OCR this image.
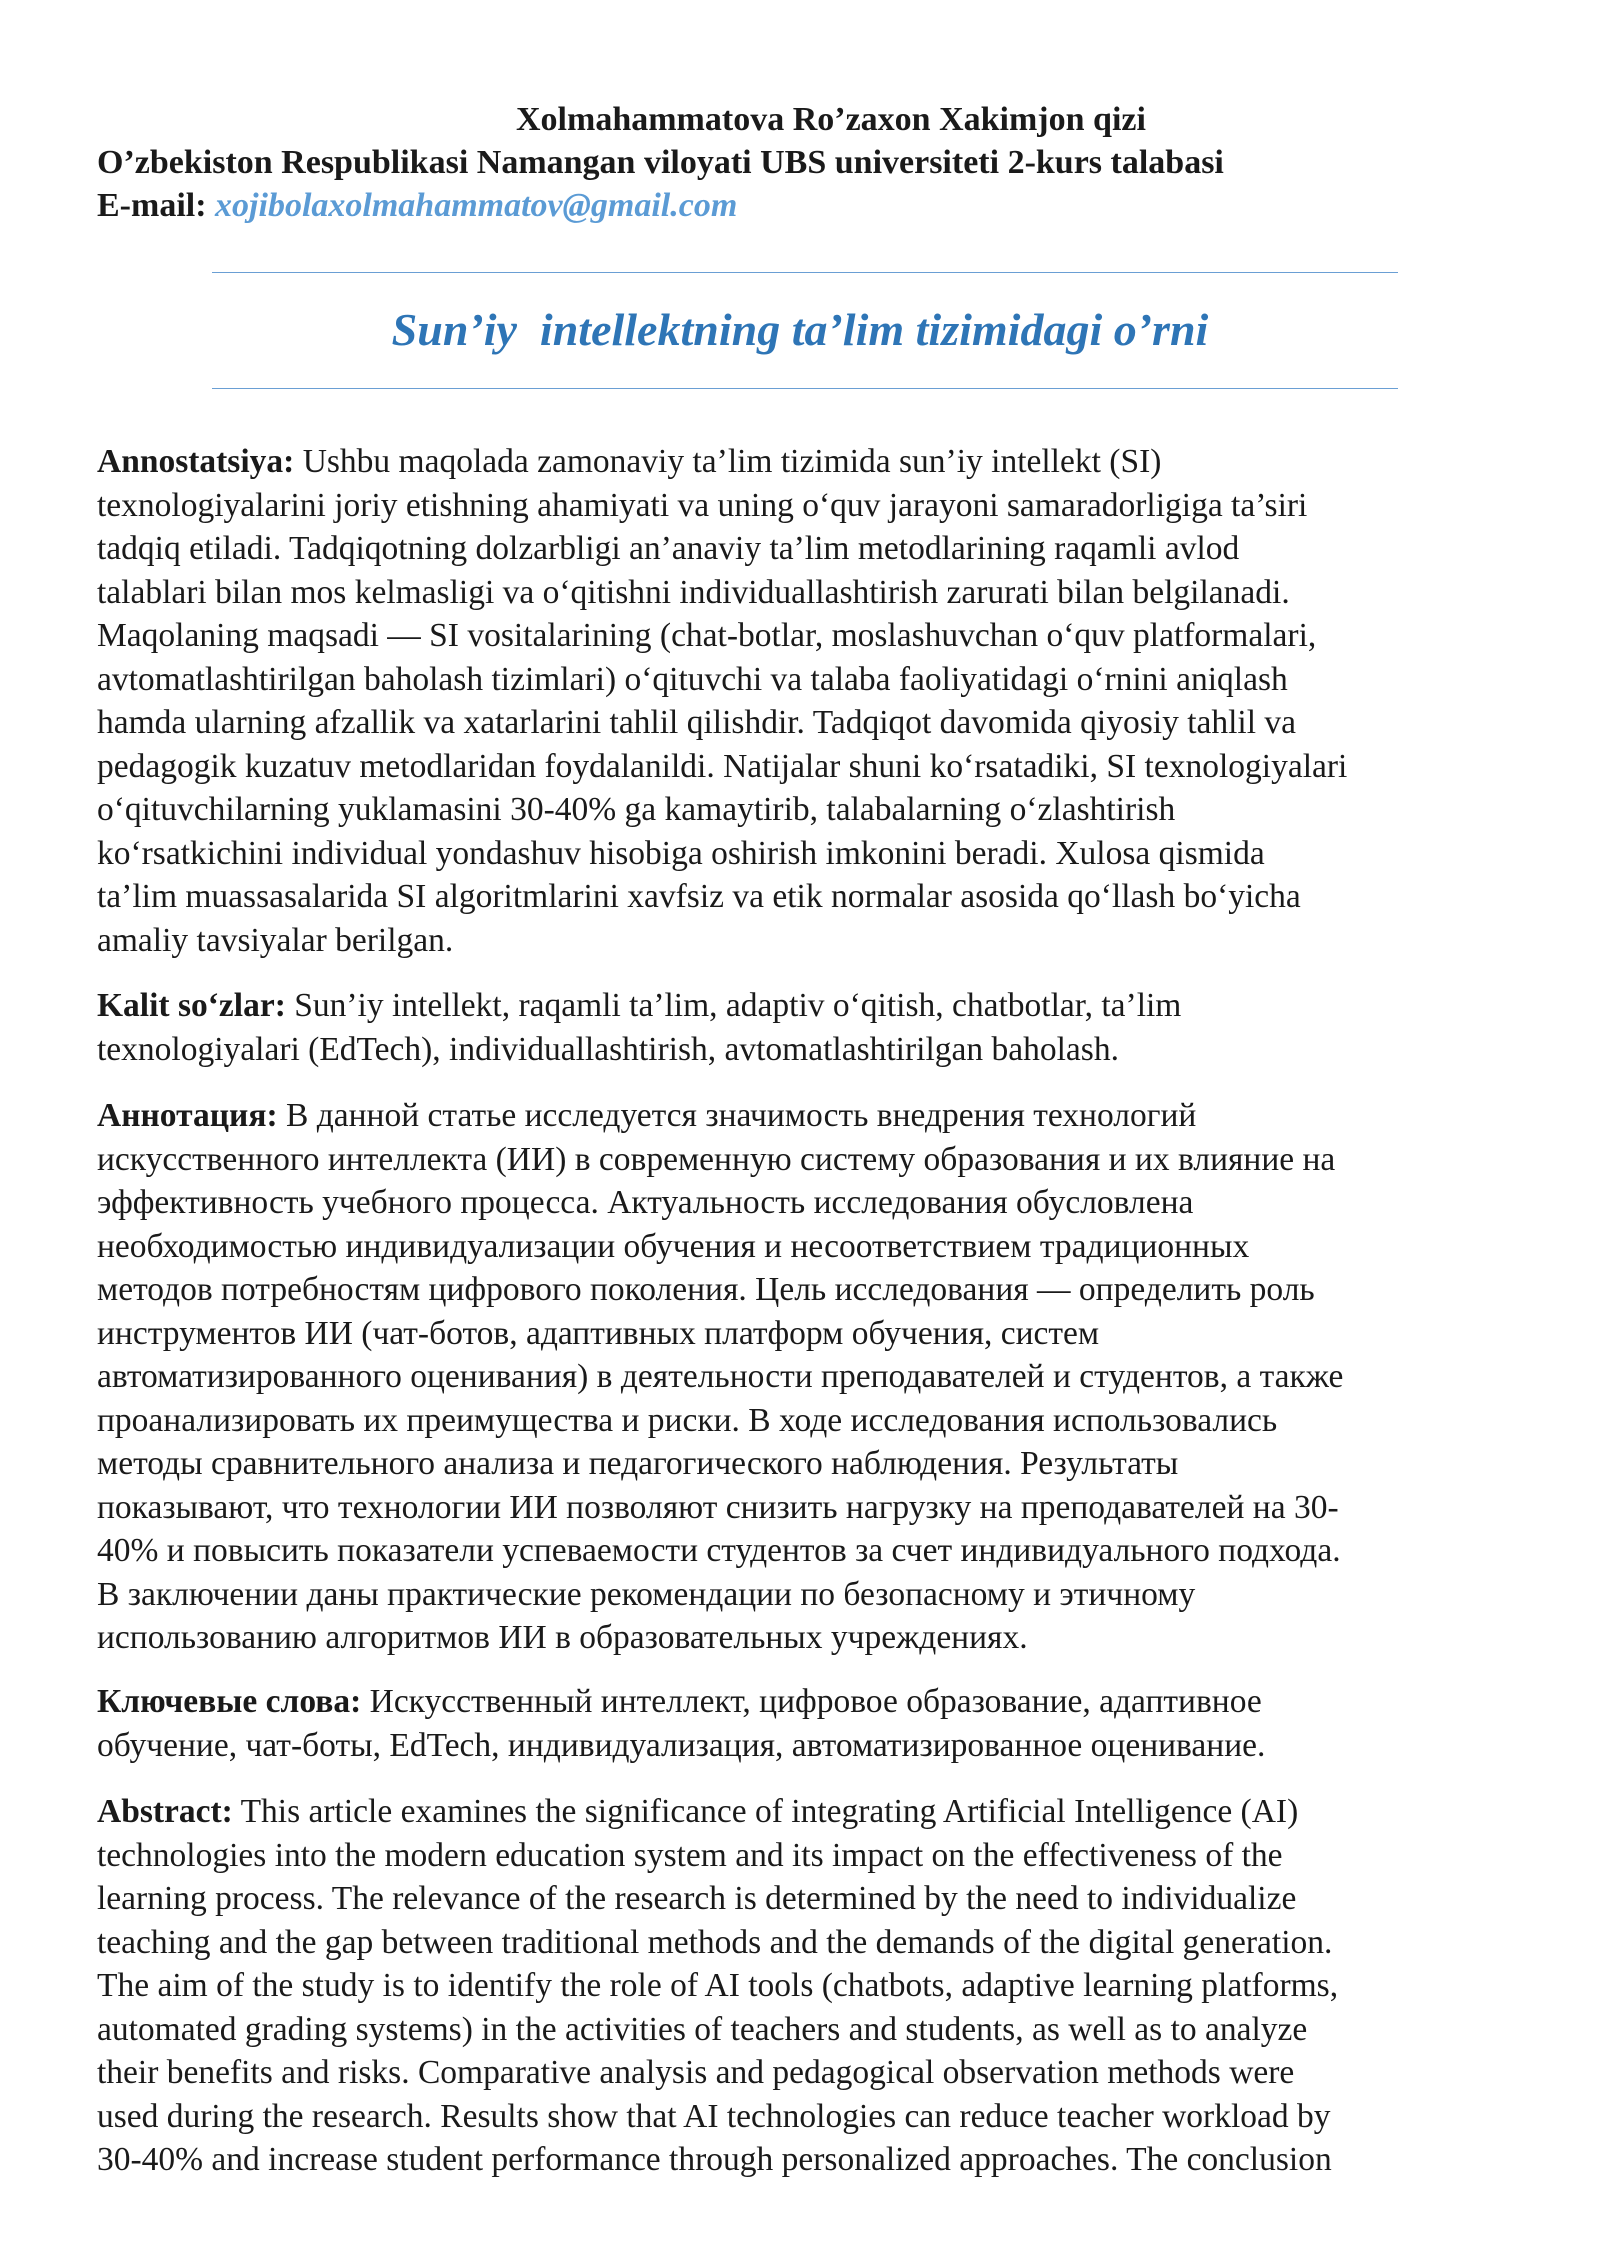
Xolmahammatova Ro’zaxon Xakimjon qizi
O’zbekiston Respublikasi Namangan viloyati UBS universiteti 2-kurs talabasi
E-mail: xojibolaxolmahammatov@gmail.com
Sun’iy  intellektning ta’lim tizimidagi o’rni
Annostatsiya: Ushbu maqolada zamonaviy ta’lim tizimida sun’iy intellekt (SI)
texnologiyalarini joriy etishning ahamiyati va uning o‘quv jarayoni samaradorligiga ta’siri
tadqiq etiladi. Tadqiqotning dolzarbligi an’anaviy ta’lim metodlarining raqamli avlod
talablari bilan mos kelmasligi va o‘qitishni individuallashtirish zarurati bilan belgilanadi.
Maqolaning maqsadi — SI vositalarining (chat-botlar, moslashuvchan o‘quv platformalari,
avtomatlashtirilgan baholash tizimlari) o‘qituvchi va talaba faoliyatidagi o‘rnini aniqlash
hamda ularning afzallik va xatarlarini tahlil qilishdir. Tadqiqot davomida qiyosiy tahlil va
pedagogik kuzatuv metodlaridan foydalanildi. Natijalar shuni ko‘rsatadiki, SI texnologiyalari
o‘qituvchilarning yuklamasini 30-40% ga kamaytirib, talabalarning o‘zlashtirish
ko‘rsatkichini individual yondashuv hisobiga oshirish imkonini beradi. Xulosa qismida
ta’lim muassasalarida SI algoritmlarini xavfsiz va etik normalar asosida qo‘llash bo‘yicha
amaliy tavsiyalar berilgan.
Kalit so‘zlar: Sun’iy intellekt, raqamli ta’lim, adaptiv o‘qitish, chatbotlar, ta’lim
texnologiyalari (EdTech), individuallashtirish, avtomatlashtirilgan baholash.
Аннотация: В данной статье исследуется значимость внедрения технологий
искусственного интеллекта (ИИ) в современную систему образования и их влияние на
эффективность учебного процесса. Актуальность исследования обусловлена
необходимостью индивидуализации обучения и несоответствием традиционных
методов потребностям цифрового поколения. Цель исследования — определить роль
инструментов ИИ (чат-ботов, адаптивных платформ обучения, систем
автоматизированного оценивания) в деятельности преподавателей и студентов, а также
проанализировать их преимущества и риски. В ходе исследования использовались
методы сравнительного анализа и педагогического наблюдения. Результаты
показывают, что технологии ИИ позволяют снизить нагрузку на преподавателей на 30-
40% и повысить показатели успеваемости студентов за счет индивидуального подхода.
В заключении даны практические рекомендации по безопасному и этичному
использованию алгоритмов ИИ в образовательных учреждениях.
Ключевые слова: Искусственный интеллект, цифровое образование, адаптивное
обучение, чат-боты, EdTech, индивидуализация, автоматизированное оценивание.
Abstract: This article examines the significance of integrating Artificial Intelligence (AI)
technologies into the modern education system and its impact on the effectiveness of the
learning process. The relevance of the research is determined by the need to individualize
teaching and the gap between traditional methods and the demands of the digital generation.
The aim of the study is to identify the role of AI tools (chatbots, adaptive learning platforms,
automated grading systems) in the activities of teachers and students, as well as to analyze
their benefits and risks. Comparative analysis and pedagogical observation methods were
used during the research. Results show that AI technologies can reduce teacher workload by
30-40% and increase student performance through personalized approaches. The conclusion
